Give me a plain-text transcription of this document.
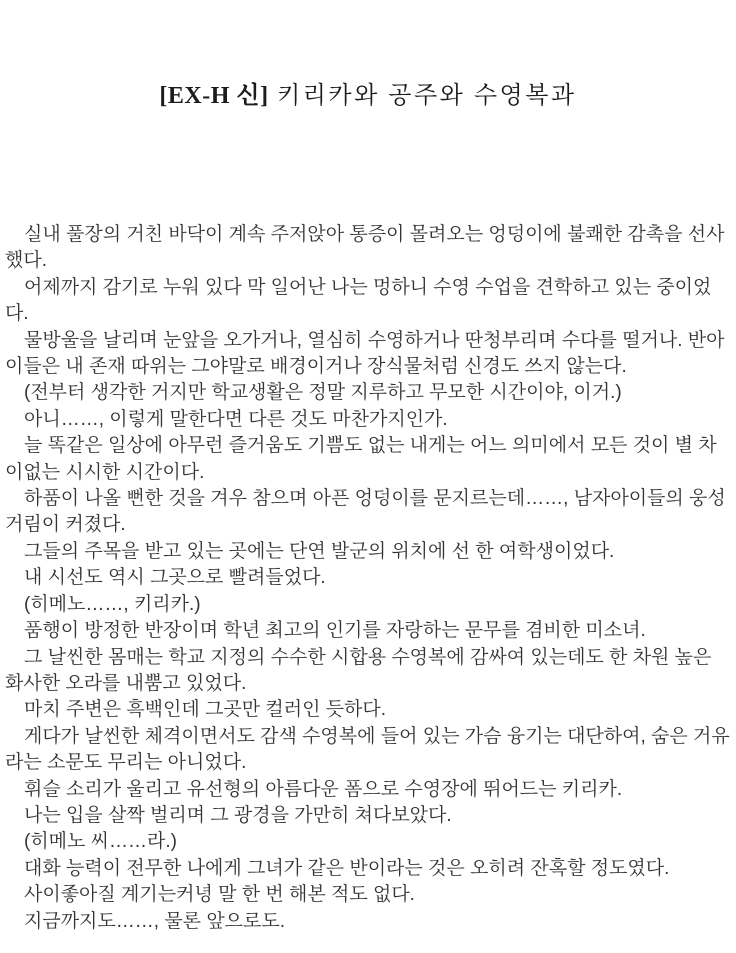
[EX-H 신] 키리카와 공주와 수영복과

실내 풀장의 거친 바닥이 계속 주저앉아 통증이 몰려오는 엉덩이에 불쾌한 감촉을 선사했다.

어제까지 감기로 누워 있다 막 일어난 나는 멍하니 수영 수업을 견학하고 있는 중이었다.

물방울을 날리며 눈앞을 오가거나, 열심히 수영하거나 딴청부리며 수다를 떨거나. 반아이들은 내 존재 따위는 그야말로 배경이거나 장식물처럼 신경도 쓰지 않는다.

(전부터 생각한 거지만 학교생활은 정말 지루하고 무모한 시간이야, 이거.)

아니……, 이렇게 말한다면 다른 것도 마찬가지인가.

늘 똑같은 일상에 아무런 즐거움도 기쁨도 없는 내게는 어느 의미에서 모든 것이 별 차이없는 시시한 시간이다.

하품이 나올 뻔한 것을 겨우 참으며 아픈 엉덩이를 문지르는데……, 남자아이들의 웅성거림이 커졌다.

그들의 주목을 받고 있는 곳에는 단연 발군의 위치에 선 한 여학생이었다.

내 시선도 역시 그곳으로 빨려들었다.

(히메노……, 키리카.)

품행이 방정한 반장이며 학년 최고의 인기를 자랑하는 문무를 겸비한 미소녀.

그 날씬한 몸매는 학교 지정의 수수한 시합용 수영복에 감싸여 있는데도 한 차원 높은 화사한 오라를 내뿜고 있었다.

마치 주변은 흑백인데 그곳만 컬러인 듯하다.

게다가 날씬한 체격이면서도 감색 수영복에 들어 있는 가슴 융기는 대단하여, 숨은 거유라는 소문도 무리는 아니었다.

휘슬 소리가 울리고 유선형의 아름다운 폼으로 수영장에 뛰어드는 키리카.

나는 입을 살짝 벌리며 그 광경을 가만히 쳐다보았다.

(히메노 씨……라.)

대화 능력이 전무한 나에게 그녀가 같은 반이라는 것은 오히려 잔혹할 정도였다.

사이좋아질 계기는커녕 말 한 번 해본 적도 없다.

지금까지도……, 물론 앞으로도.
